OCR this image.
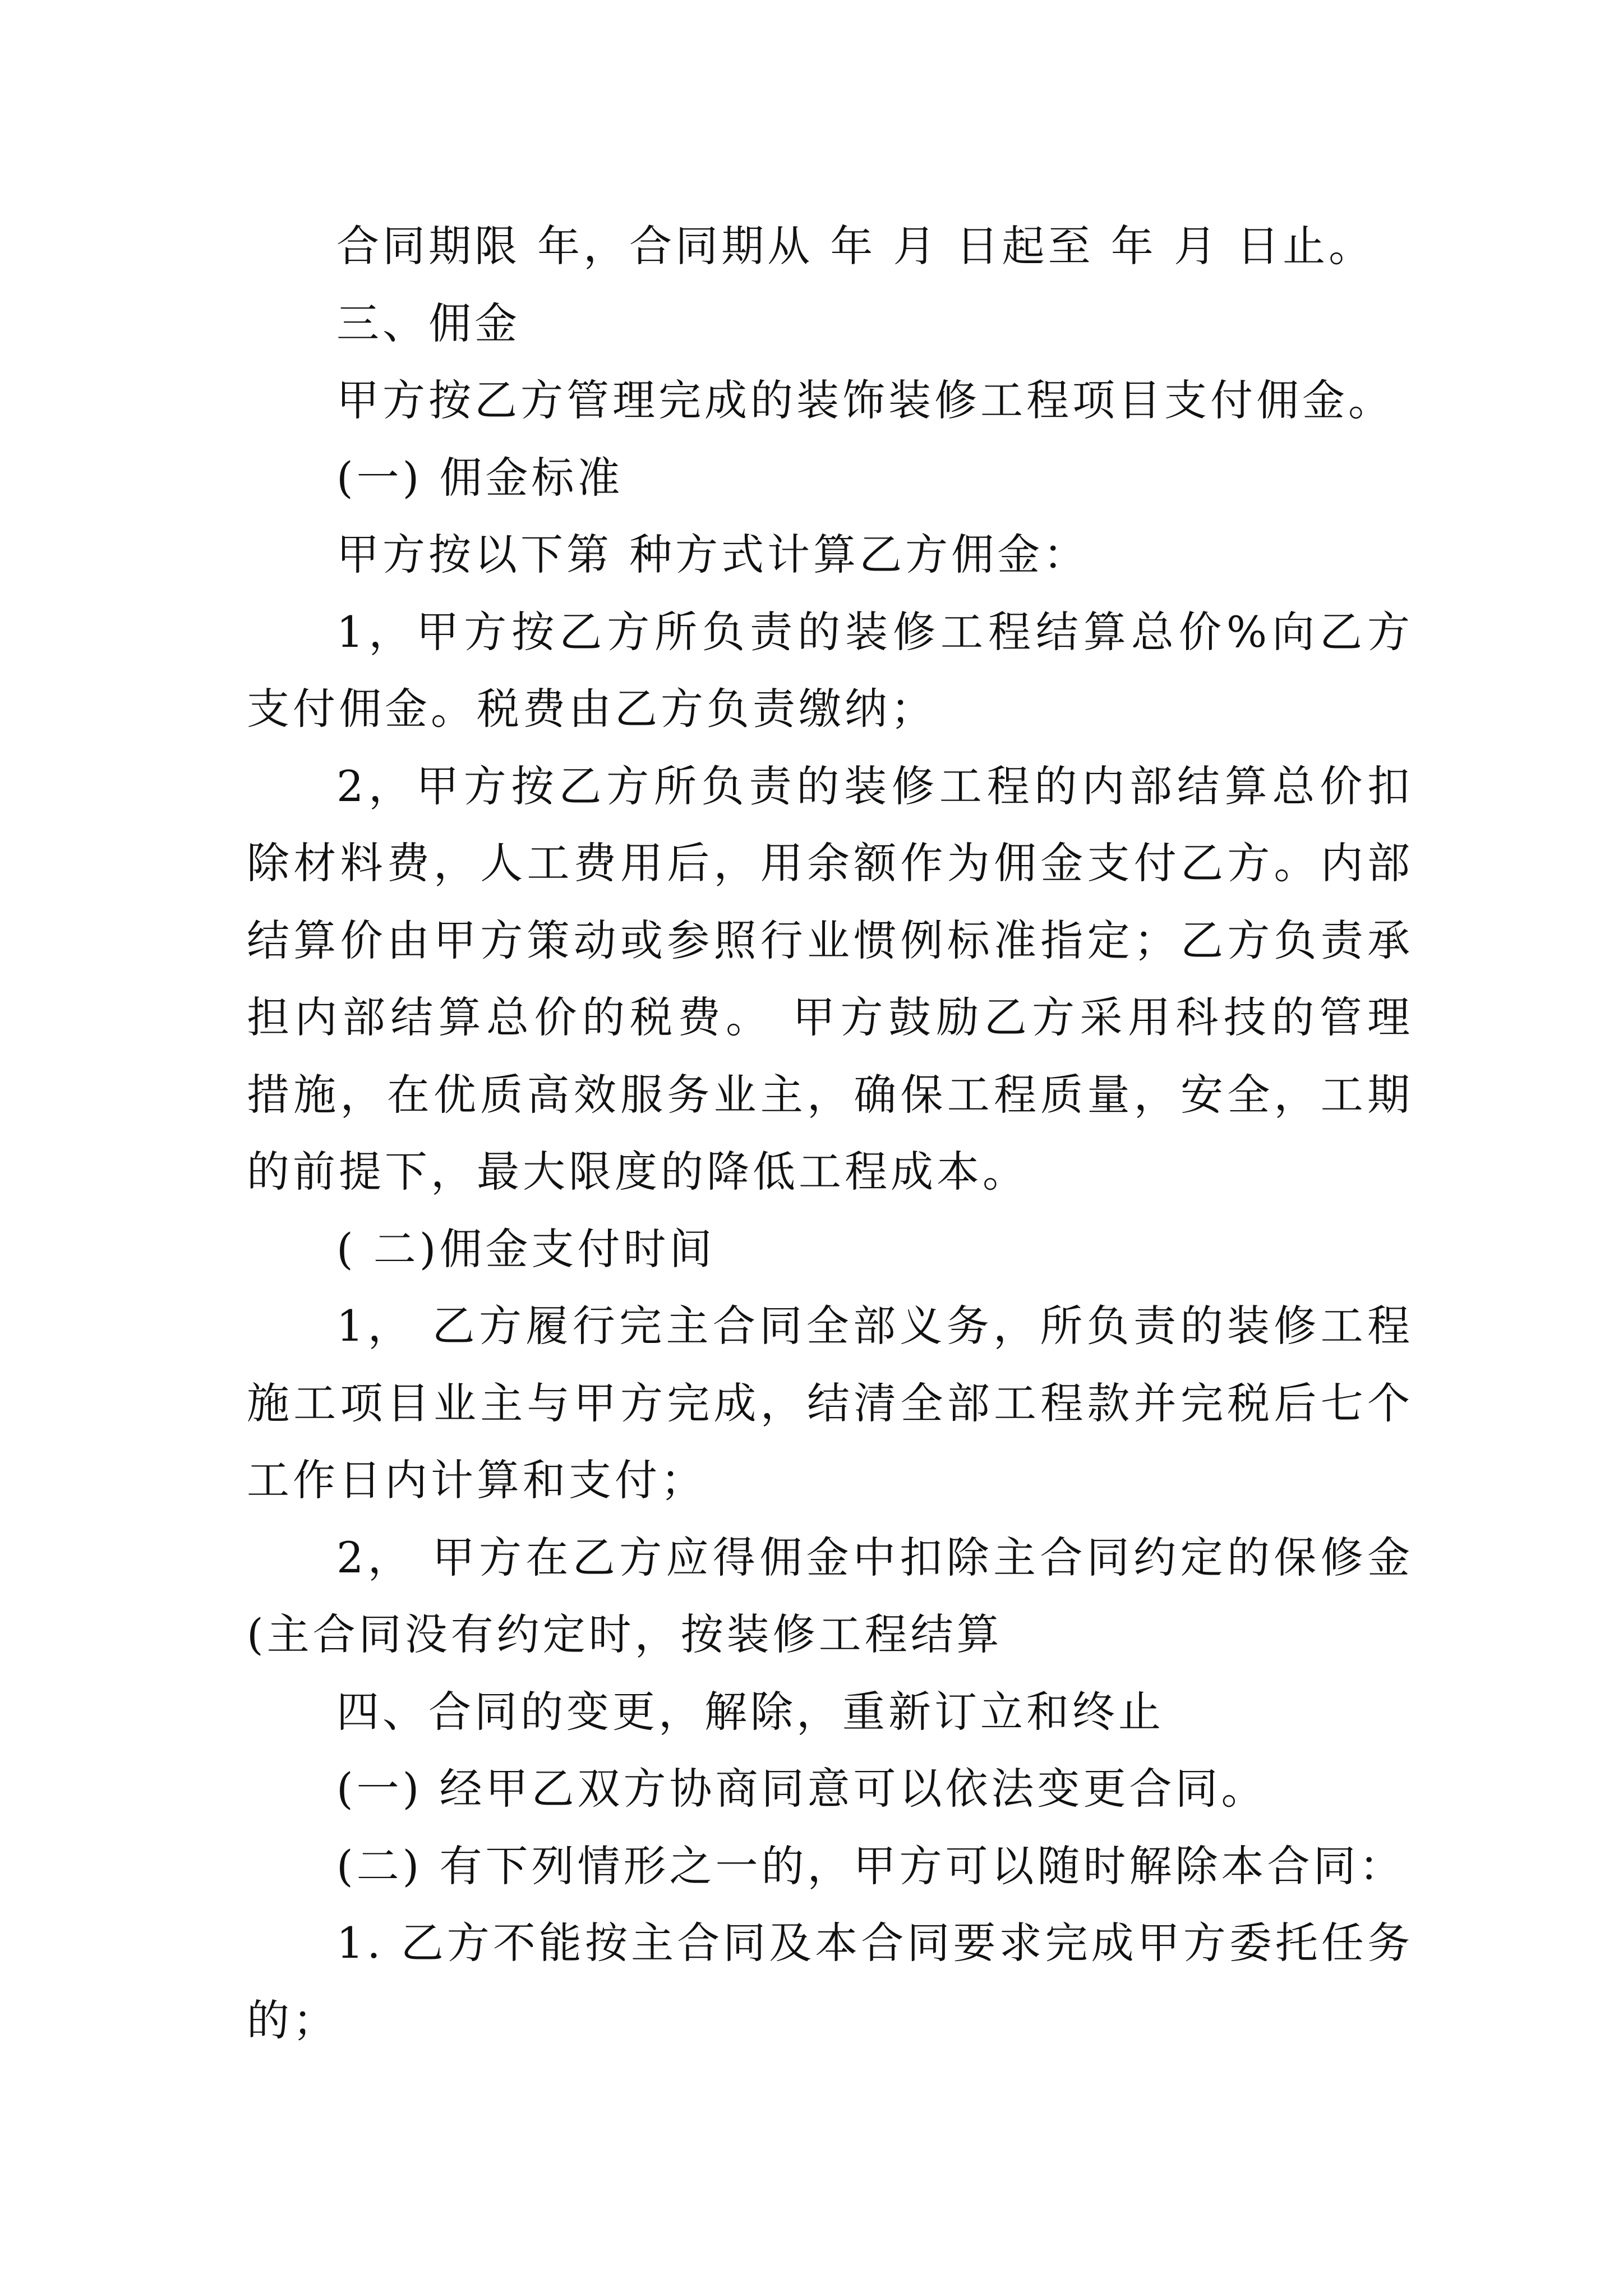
合同期限 年，合同期从 年 月 日起至 年 月 日止。

三、佣金

甲方按乙方管理完成的装饰装修工程项目支付佣金。

(一) 佣金标准

甲方按以下第 种方式计算乙方佣金：

1，甲方按乙方所负责的装修工程结算总价%向乙方支付佣金。税费由乙方负责缴纳；

2，甲方按乙方所负责的装修工程的内部结算总价扣除材料费，人工费用后，用余额作为佣金支付乙方。内部结算价由甲方策动或参照行业惯例标准指定；乙方负责承担内部结算总价的税费。 甲方鼓励乙方采用科技的管理措施，在优质高效服务业主，确保工程质量，安全，工期的前提下，最大限度的降低工程成本。

( 二)佣金支付时间

1， 乙方履行完主合同全部义务，所负责的装修工程施工项目业主与甲方完成，结清全部工程款并完税后七个工作日内计算和支付；

2， 甲方在乙方应得佣金中扣除主合同约定的保修金(主合同没有约定时，按装修工程结算

四、合同的变更，解除，重新订立和终止

(一) 经甲乙双方协商同意可以依法变更合同。

(二) 有下列情形之一的，甲方可以随时解除本合同：

1. 乙方不能按主合同及本合同要求完成甲方委托任务的；
